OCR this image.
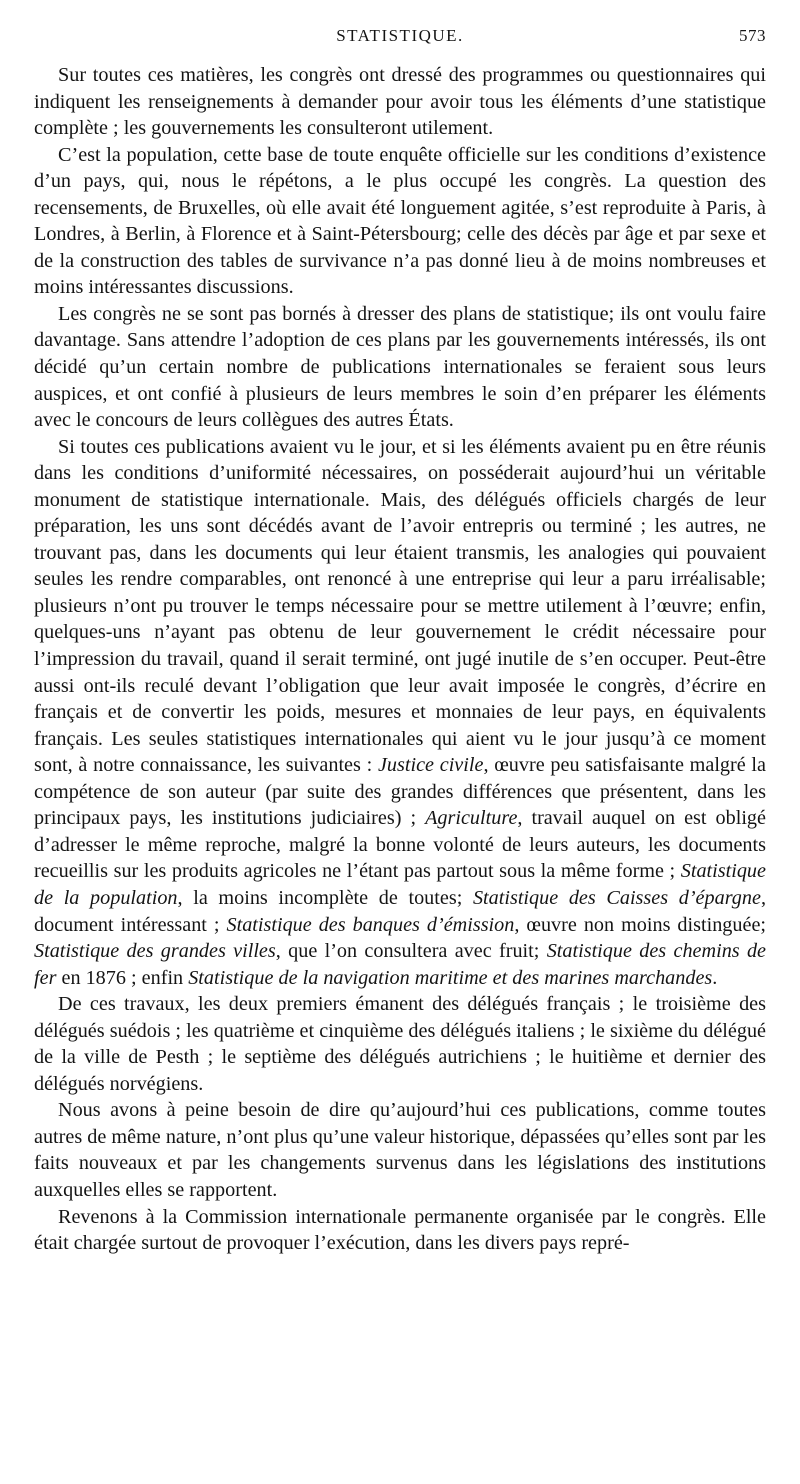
STATISTIQUE.	573

Sur toutes ces matières, les congrès ont dressé des programmes ou questionnaires qui indiquent les renseignements à demander pour avoir tous les éléments d’une statistique complète ; les gouvernements les consulteront utilement.

C’est la population, cette base de toute enquête officielle sur les conditions d’existence d’un pays, qui, nous le répétons, a le plus occupé les congrès. La question des recensements, de Bruxelles, où elle avait été longuement agitée, s’est reproduite à Paris, à Londres, à Berlin, à Florence et à Saint-Pétersbourg; celle des décès par âge et par sexe et de la construction des tables de survivance n’a pas donné lieu à de moins nombreuses et moins intéressantes discussions.

Les congrès ne se sont pas bornés à dresser des plans de statistique; ils ont voulu faire davantage. Sans attendre l’adoption de ces plans par les gouvernements intéressés, ils ont décidé qu’un certain nombre de publications internationales se feraient sous leurs auspices, et ont confié à plusieurs de leurs membres le soin d’en préparer les éléments avec le concours de leurs collègues des autres États.

Si toutes ces publications avaient vu le jour, et si les éléments avaient pu en être réunis dans les conditions d’uniformité nécessaires, on posséderait aujourd’hui un véritable monument de statistique internationale. Mais, des délégués officiels chargés de leur préparation, les uns sont décédés avant de l’avoir entrepris ou terminé ; les autres, ne trouvant pas, dans les documents qui leur étaient transmis, les analogies qui pouvaient seules les rendre comparables, ont renoncé à une entreprise qui leur a paru irréalisable; plusieurs n’ont pu trouver le temps nécessaire pour se mettre utilement à l’œuvre; enfin, quelques-uns n’ayant pas obtenu de leur gouvernement le crédit nécessaire pour l’impression du travail, quand il serait terminé, ont jugé inutile de s’en occuper. Peut-être aussi ont-ils reculé devant l’obligation que leur avait imposée le congrès, d’écrire en français et de convertir les poids, mesures et monnaies de leur pays, en équivalents français. Les seules statistiques internationales qui aient vu le jour jusqu’à ce moment sont, à notre connaissance, les suivantes : Justice civile, œuvre peu satisfaisante malgré la compétence de son auteur (par suite des grandes différences que présentent, dans les principaux pays, les institutions judiciaires) ; Agriculture, travail auquel on est obligé d’adresser le même reproche, malgré la bonne volonté de leurs auteurs, les documents recueillis sur les produits agricoles ne l’étant pas partout sous la même forme ; Statistique de la population, la moins incomplète de toutes; Statistique des Caisses d’épargne, document intéressant ; Statistique des banques d’émission, œuvre non moins distinguée; Statistique des grandes villes, que l’on consultera avec fruit; Statistique des chemins de fer en 1876 ; enfin Statistique de la navigation maritime et des marines marchandes.

De ces travaux, les deux premiers émanent des délégués français ; le troisième des délégués suédois ; les quatrième et cinquième des délégués italiens ; le sixième du délégué de la ville de Pesth ; le septième des délégués autrichiens ; le huitième et dernier des délégués norvégiens.

Nous avons à peine besoin de dire qu’aujourd’hui ces publications, comme toutes autres de même nature, n’ont plus qu’une valeur historique, dépassées qu’elles sont par les faits nouveaux et par les changements survenus dans les législations des institutions auxquelles elles se rapportent.

Revenons à la Commission internationale permanente organisée par le congrès. Elle était chargée surtout de provoquer l’exécution, dans les divers pays repré-
